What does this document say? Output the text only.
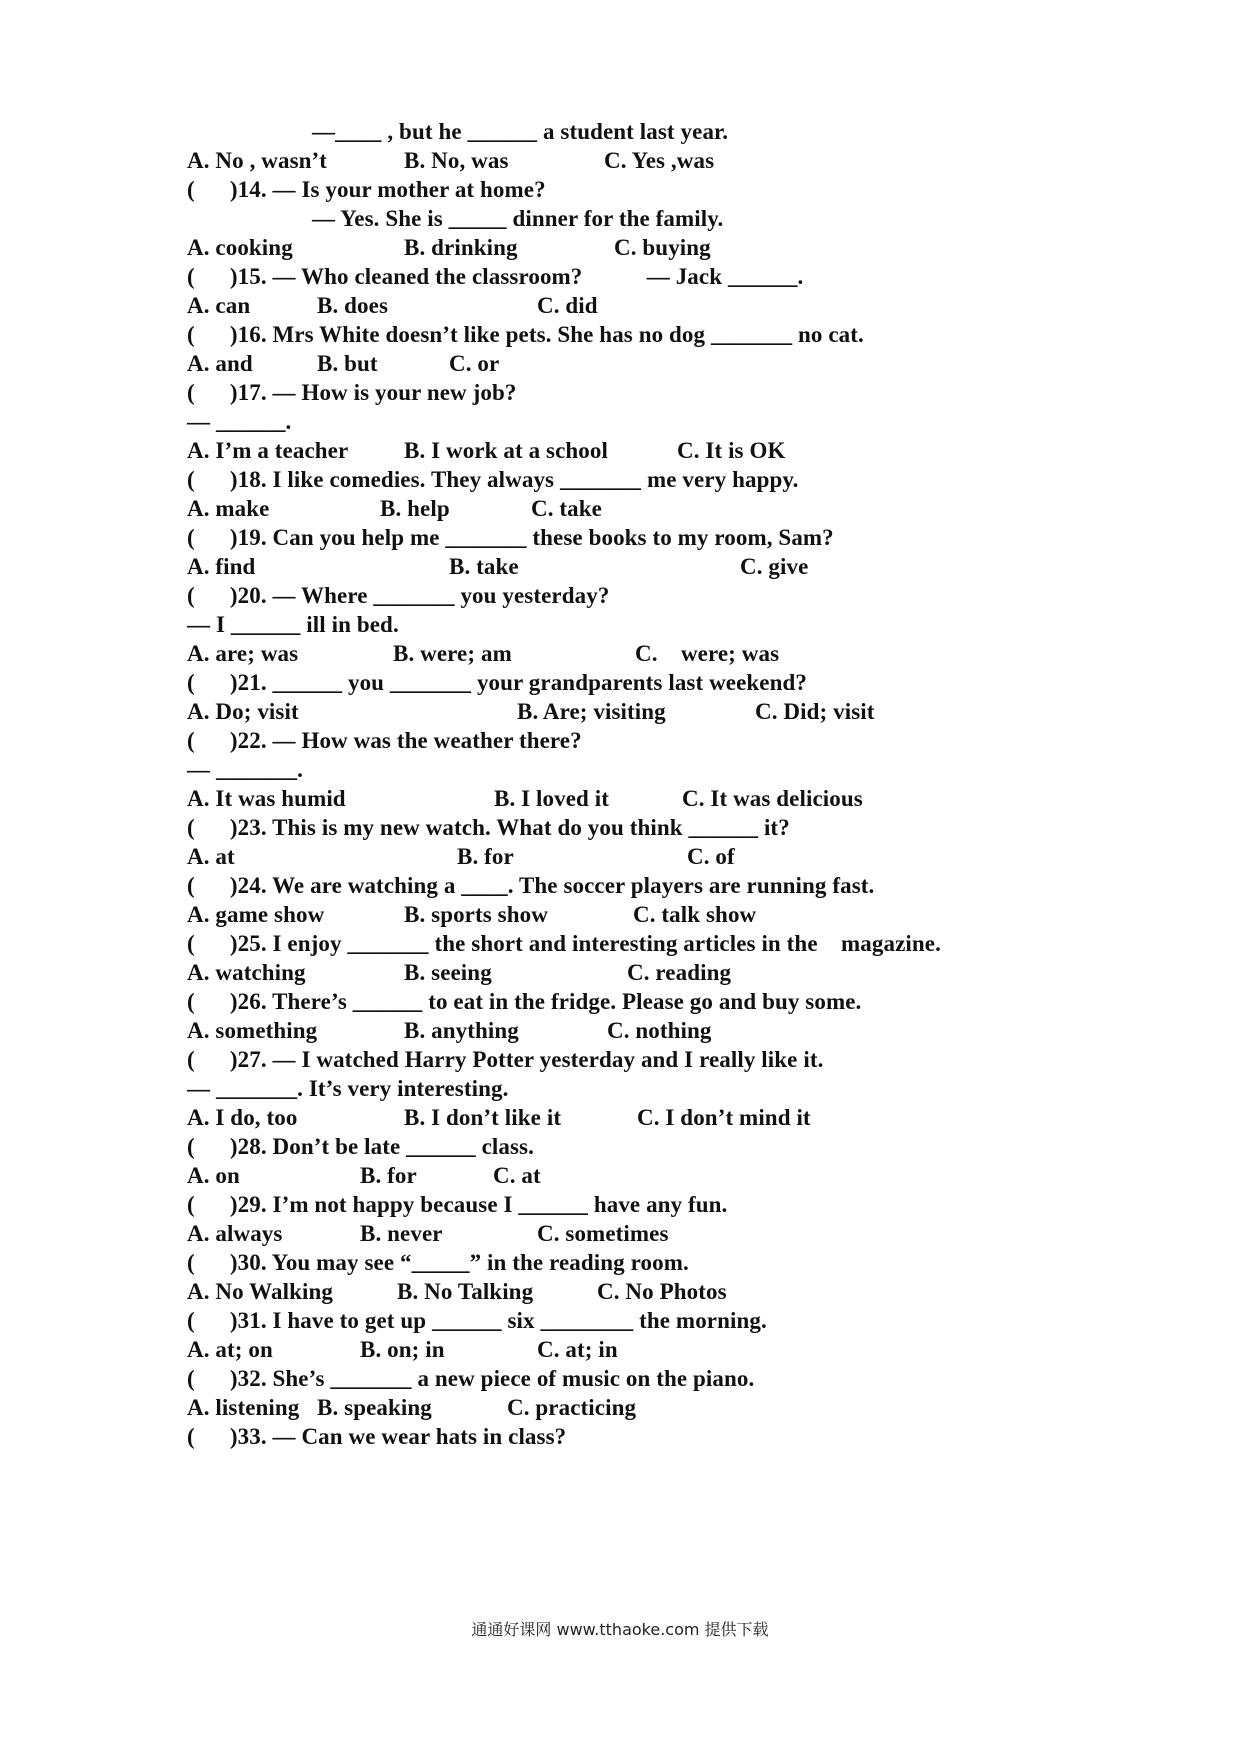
—____ , but he ______ a student last year.

A. No , wasn’t

	B. No, was

	C. Yes ,was

(      )14. — Is your mother at home?
— Yes. She is _____ dinner for the family.

A. cooking

	B. drinking

	C. buying

(      )15. — Who cleaned the classroom?           — Jack ______.

A. can

	B. does

	C. did

(      )16. Mrs White doesn’t like pets. She has no dog _______ no cat.

A. and

	B. but

	C. or

(      )17. — How is your new job?
— ______.

A. I’m a teacher

B. I work at a school

	C. It is OK

(      )18. I like comedies. They always _______ me very happy.

A. make

	B. help

	C. take

(      )19. Can you help me _______ these books to my room, Sam?

A. find

	B. take

	C. give

(      )20. — Where _______ you yesterday?
— I ______ ill in bed.

A. are; was

	B. were; am

	C.    were; was

(      )21. ______ you _______ your grandparents last weekend?

A. Do; visit

	B. Are; visiting

	C. Did; visit

(      )22. — How was the weather there?
— _______.

A. It was humid

	B. I loved it

	C. It was delicious

(      )23. This is my new watch. What do you think ______ it?

A. at

	B. for

	C. of

(      )24. We are watching a ____. The soccer players are running fast.

A. game show

	B. sports show

	C. talk show

(      )25. I enjoy _______ the short and interesting articles in the    magazine.

A. watching

	B. seeing

	C. reading

(      )26. There’s ______ to eat in the fridge. Please go and buy some.

A. something

	B. anything

	C. nothing

(      )27. — I watched Harry Potter yesterday and I really like it.
— _______. It’s very interesting.

A. I do, too

	B. I don’t like it

	C. I don’t mind it

(      )28. Don’t be late ______ class.

A. on

	B. for

	C. at

(      )29. I’m not happy because I ______ have any fun.

A. always

	B. never

	C. sometimes

(      )30. You may see “_____” in the reading room.

A. No Walking

	B. No Talking

	C. No Photos

(      )31. I have to get up ______ six ________ the morning.

A. at; on

	B. on; in

	C. at; in

(      )32. She’s _______ a new piece of music on the piano.

A. listening

B. speaking

	C. practicing

(      )33. — Can we wear hats in class?
通通好课网 www.tthaoke.com 提供下载
